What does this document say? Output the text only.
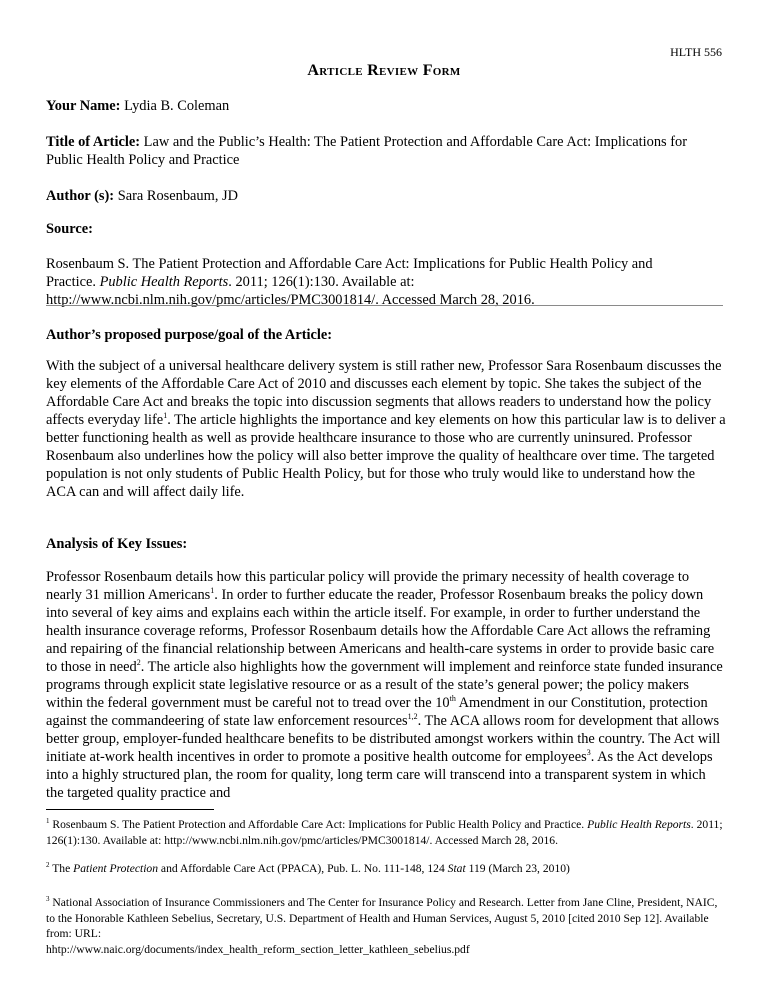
HLTH 556
Article Review Form
Your Name: Lydia B. Coleman
Title of Article: Law and the Public’s Health: The Patient Protection and Affordable Care Act: Implications for Public Health Policy and Practice
Author (s): Sara Rosenbaum, JD
Source:
Rosenbaum S. The Patient Protection and Affordable Care Act: Implications for Public Health Policy and
Practice. Public Health Reports. 2011; 126(1):130. Available at:
http://www.ncbi.nlm.nih.gov/pmc/articles/PMC3001814/. Accessed March 28, 2016.
Author’s proposed purpose/goal of the Article:
With the subject of a universal healthcare delivery system is still rather new, Professor Sara Rosenbaum discusses the key elements of the Affordable Care Act of 2010 and discusses each element by topic. She takes the subject of the Affordable Care Act and breaks the topic into discussion segments that allows readers to understand how the policy affects everyday life$^1$. The article highlights the importance and key elements on how this particular law is to deliver a better functioning health as well as provide healthcare insurance to those who are currently uninsured. Professor Rosenbaum also underlines how the policy will also better improve the quality of healthcare over time. The targeted population is not only students of Public Health Policy, but for those who truly would like to understand how the ACA can and will affect daily life.
Analysis of Key Issues:
Professor Rosenbaum details how this particular policy will provide the primary necessity of health coverage to nearly 31 million Americans$^1$. In order to further educate the reader, Professor Rosenbaum breaks the policy down into several of key aims and explains each within the article itself. For example, in order to further understand the health insurance coverage reforms, Professor Rosenbaum details how the Affordable Care Act allows the reframing and repairing of the financial relationship between Americans and health-care systems in order to provide basic care to those in need$^2$. The article also highlights how the government will implement and reinforce state funded insurance programs through explicit state legislative resource or as a result of the state’s general power; the policy makers within the federal government must be careful not to tread over the 10th Amendment in our Constitution, protection against the commandeering of state law enforcement resources$^{1,2}$. The ACA allows room for development that allows better group, employer-funded healthcare benefits to be distributed amongst workers within the country. The Act will initiate at-work health incentives in order to promote a positive health outcome for employees$^3$. As the Act develops into a highly structured plan, the room for quality, long term care will transcend into a transparent system in which the targeted quality practice and
$^1$ Rosenbaum S. The Patient Protection and Affordable Care Act: Implications for Public Health Policy and Practice. Public Health Reports. 2011; 126(1):130. Available at: http://www.ncbi.nlm.nih.gov/pmc/articles/PMC3001814/. Accessed March 28, 2016.
$^2$ The Patient Protection and Affordable Care Act (PPACA), Pub. L. No. 111-148, 124 Stat 119 (March 23, 2010)
$^3$ National Association of Insurance Commissioners and The Center for Insurance Policy and Research. Letter from Jane Cline, President, NAIC, to the Honorable Kathleen Sebelius, Secretary, U.S. Department of Health and Human Services, August 5, 2010 [cited 2010 Sep 12]. Available from: URL:
hhtp://www.naic.org/documents/index_health_reform_section_letter_kathleen_sebelius.pdf
